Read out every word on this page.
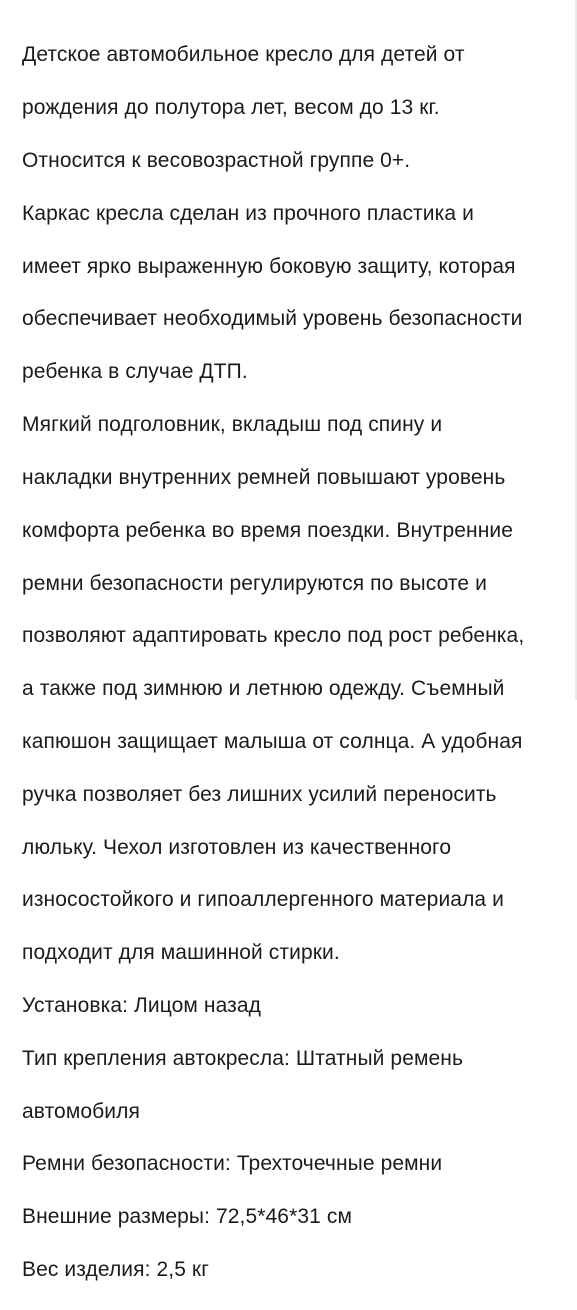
Детское автомобильное кресло для детей от

рождения до полутора лет, весом до 13 кг.

Относится к весовозрастной группе 0+.

Каркас кресла сделан из прочного пластика и

имеет ярко выраженную боковую защиту, которая

обеспечивает необходимый уровень безопасности

ребенка в случае ДТП.

Мягкий подголовник, вкладыш под спину и

накладки внутренних ремней повышают уровень

комфорта ребенка во время поездки. Внутренние

ремни безопасности регулируются по высоте и

позволяют адаптировать кресло под рост ребенка,

а также под зимнюю и летнюю одежду. Съемный

капюшон защищает малыша от солнца. А удобная

ручка позволяет без лишних усилий переносить

люльку. Чехол изготовлен из качественного

износостойкого и гипоаллергенного материала и

подходит для машинной стирки.

Установка: Лицом назад

Тип крепления автокресла: Штатный ремень

автомобиля

Ремни безопасности: Трехточечные ремни

Внешние размеры: 72,5*46*31 см

Вес изделия: 2,5 кг
